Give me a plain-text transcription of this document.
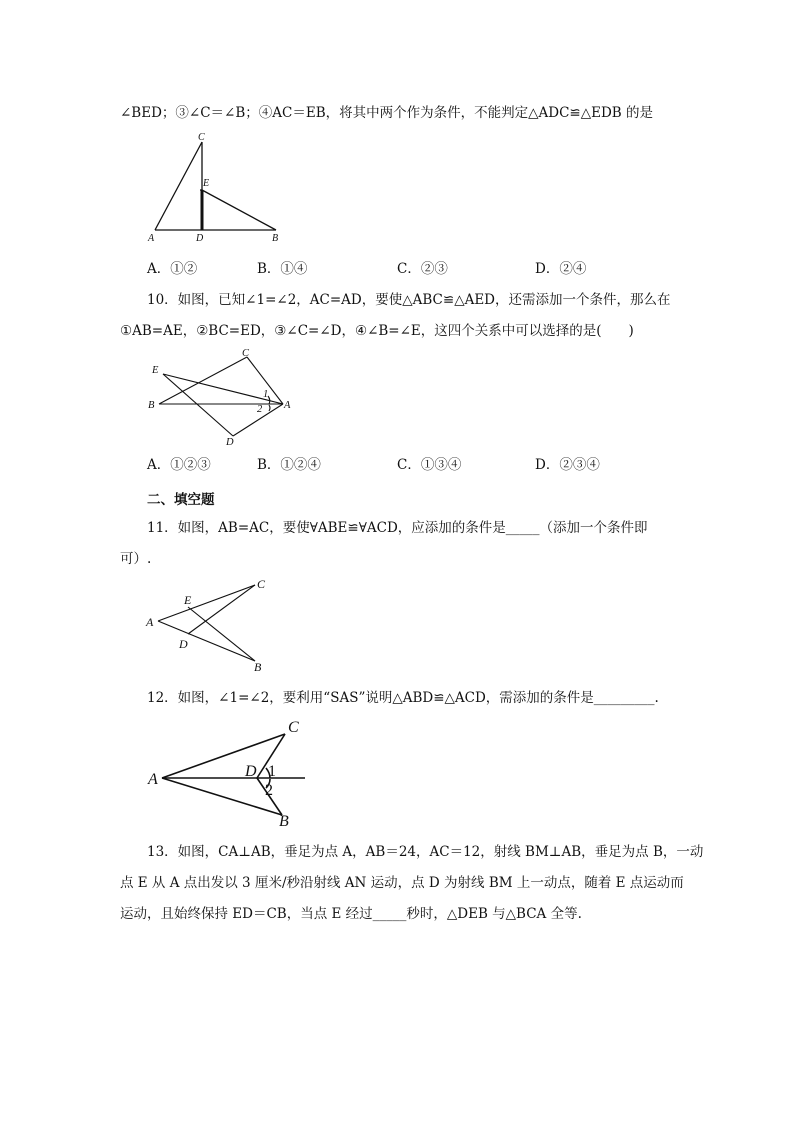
∠BED；③∠C＝∠B；④AC＝EB，将其中两个作为条件，不能判定△ADC≌△EDB 的是
C
E
A	D	B
A．①②	B．①④	C．②③	D．②④
10．如图，已知∠1=∠2，AC=AD，要使△ABC≌△AED，还需添加一个条件，那么在
①AB=AE，②BC=ED，③∠C=∠D，④∠B=∠E，这四个关系中可以选择的是(　　)
C
E
1
B	2 A
D
A．①②③	B．①②④	C．①③④	D．②③④
二、填空题
11．如图，AB=AC，要使∀ABE≌∀ACD，应添加的条件是_____（添加一个条件即
可）.
C
E
A
D
B
12．如图，∠1=∠2，要利用“SAS”说明△ABD≌△ACD，需添加的条件是_________.
C
A	D 1
2
B
13．如图，CA⊥AB，垂足为点 A，AB＝24，AC＝12，射线 BM⊥AB，垂足为点 B，一动
点 E 从 A 点出发以 3 厘米/秒沿射线 AN 运动，点 D 为射线 BM 上一动点，随着 E 点运动而
运动，且始终保持 ED＝CB，当点 E 经过_____秒时，△DEB 与△BCA 全等.
